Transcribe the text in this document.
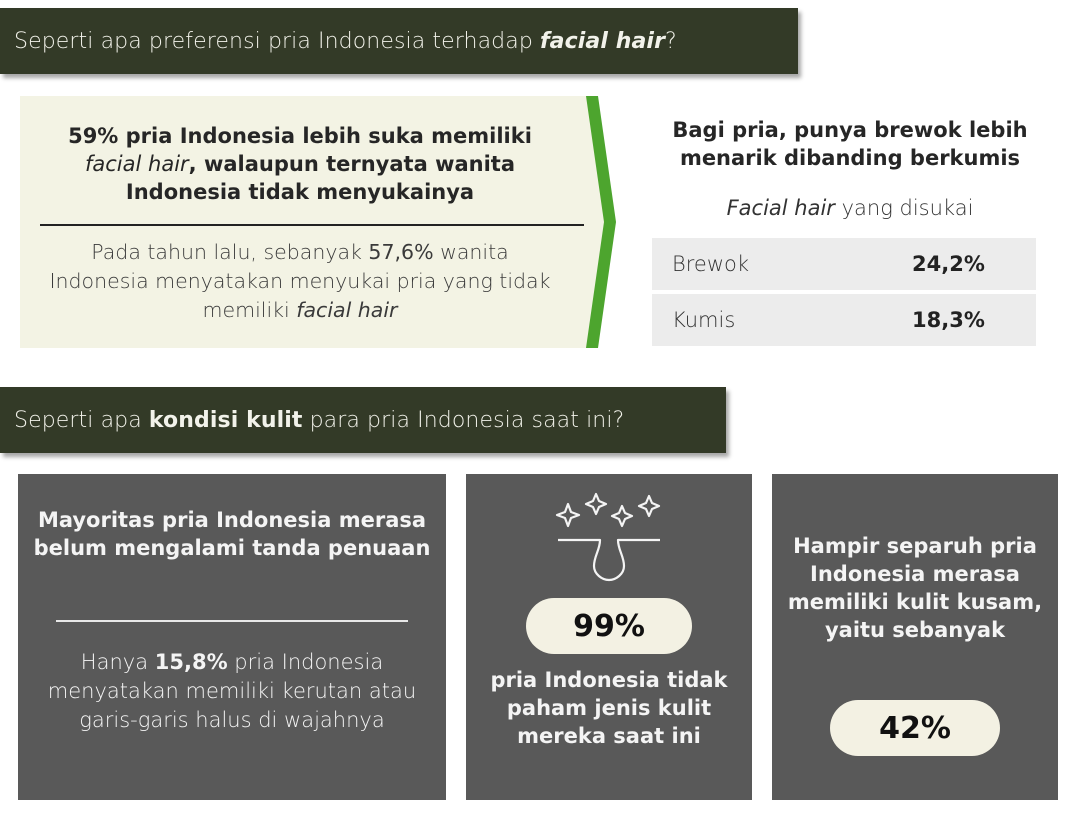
Seperti apa preferensi pria Indonesia terhadap facial hair?
59% pria Indonesia lebih suka memiliki
facial hair, walaupun ternyata wanita Indonesia tidak menyukainya
Pada tahun lalu, sebanyak 57,6% wanita Indonesia menyatakan menyukai pria yang tidak memiliki facial hair
Bagi pria, punya brewok lebih menarik dibanding berkumis
Facial hair yang disukai
Brewok	24,2%
Kumis	18,3%
Seperti apa kondisi kulit para pria Indonesia saat ini?
Mayoritas pria Indonesia merasa belum mengalami tanda penuaan
Hanya 15,8% pria Indonesia menyatakan memiliki kerutan atau garis-garis halus di wajahnya
99%
pria Indonesia tidak paham jenis kulit mereka saat ini
Hampir separuh pria Indonesia merasa memiliki kulit kusam, yaitu sebanyak
42%
